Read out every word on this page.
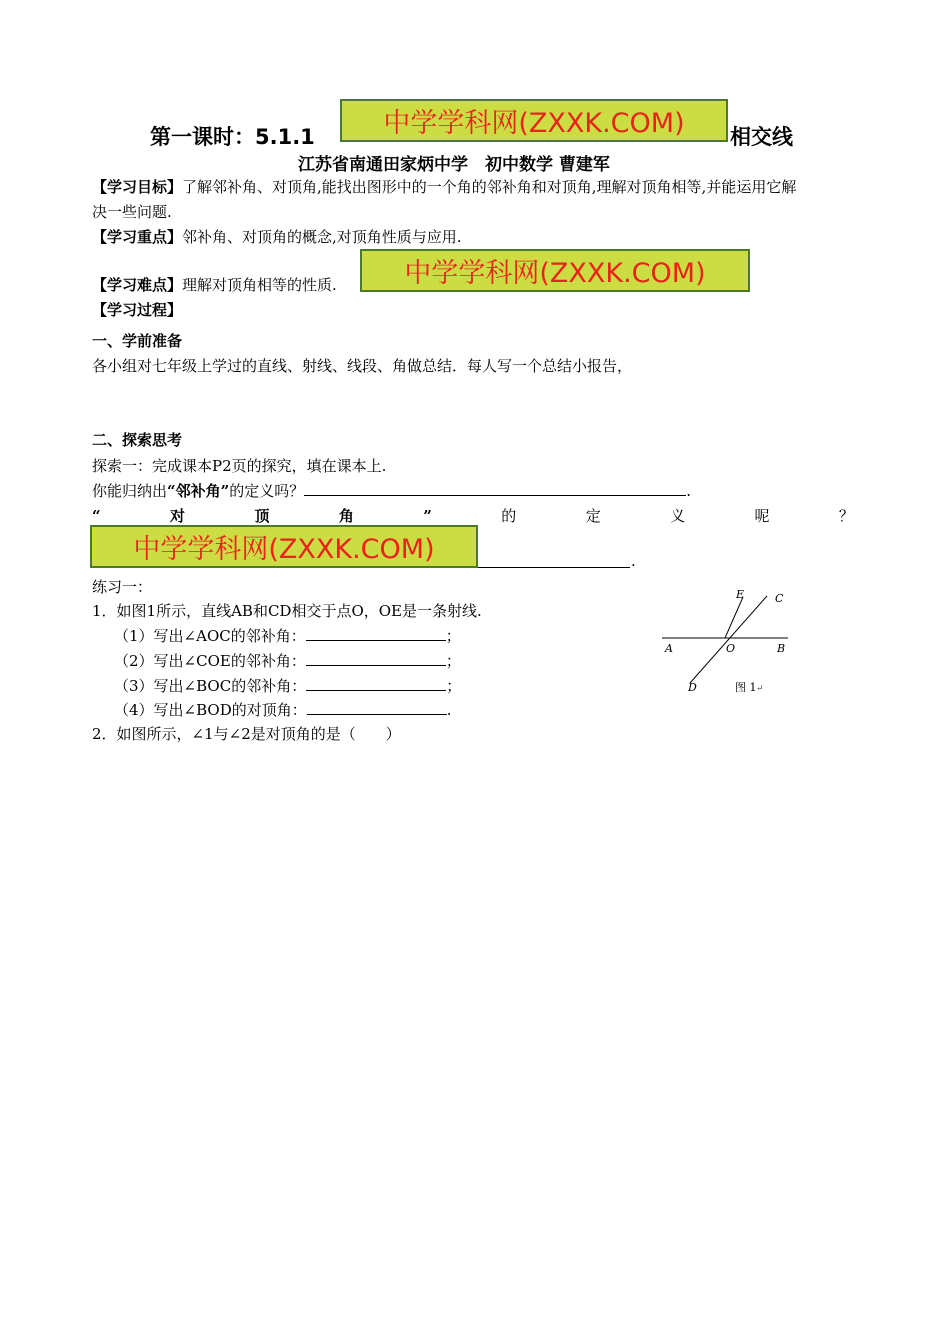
第一课时：5.1.1	中学学科网(ZXXK.COM)	相交线
江苏省南通田家炳中学　初中数学 曹建军
【学习目标】了解邻补角、对顶角,能找出图形中的一个角的邻补角和对顶角,理解对顶角相等,并能运用它解
决一些问题.
【学习重点】邻补角、对顶角的概念,对顶角性质与应用.
【学习难点】理解对顶角相等的性质.	中学学科网(ZXXK.COM)
【学习过程】
一、学前准备
各小组对七年级上学过的直线、射线、线段、角做总结．每人写一个总结小报告，
二、探索思考
探索一：完成课本P2页的探究，填在课本上.
你能归纳出“邻补角”的定义吗？	.
“	对	顶	角	”	的	定	义	呢	？
中学学科网(ZXXK.COM)	.
练习一：
1．如图1所示，直线AB和CD相交于点O，OE是一条射线.
（1）写出∠AOC的邻补角：	；
（2）写出∠COE的邻补角：	；
（3）写出∠BOC的邻补角：	；
（4）写出∠BOD的对顶角：	.
2．如图所示，∠1与∠2是对顶角的是（　　）
E	C
A	O	B
D	图 1 ↵
